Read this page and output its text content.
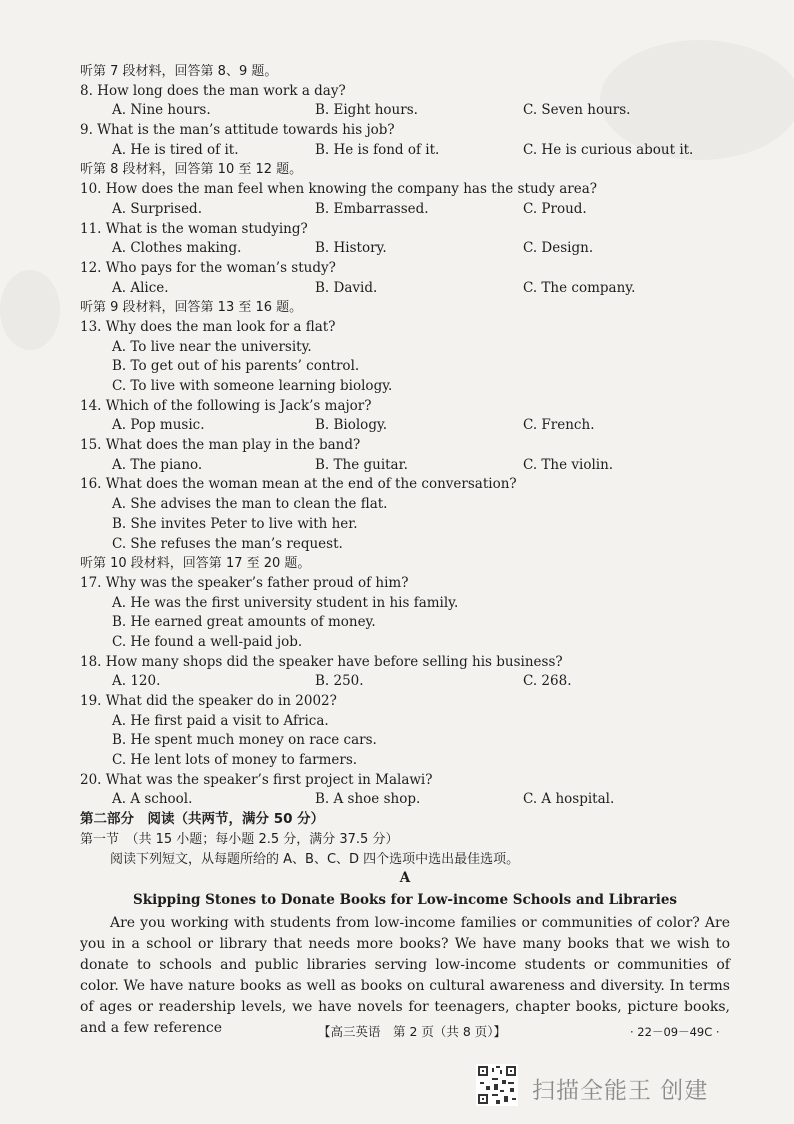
听第 7 段材料，回答第 8、9 题。
8. How long does the man work a day?
A. Nine hours.	B. Eight hours.	C. Seven hours.
9. What is the man’s attitude towards his job?
A. He is tired of it.	B. He is fond of it.	C. He is curious about it.
听第 8 段材料，回答第 10 至 12 题。
10. How does the man feel when knowing the company has the study area?
A. Surprised.	B. Embarrassed.	C. Proud.
11. What is the woman studying?
A. Clothes making.	B. History.	C. Design.
12. Who pays for the woman’s study?
A. Alice.	B. David.	C. The company.
听第 9 段材料，回答第 13 至 16 题。
13. Why does the man look for a flat?
A. To live near the university.
B. To get out of his parents’ control.
C. To live with someone learning biology.
14. Which of the following is Jack’s major?
A. Pop music.	B. Biology.	C. French.
15. What does the man play in the band?
A. The piano.	B. The guitar.	C. The violin.
16. What does the woman mean at the end of the conversation?
A. She advises the man to clean the flat.
B. She invites Peter to live with her.
C. She refuses the man’s request.
听第 10 段材料，回答第 17 至 20 题。
17. Why was the speaker’s father proud of him?
A. He was the first university student in his family.
B. He earned great amounts of money.
C. He found a well-paid job.
18. How many shops did the speaker have before selling his business?
A. 120.	B. 250.	C. 268.
19. What did the speaker do in 2002?
A. He first paid a visit to Africa.
B. He spent much money on race cars.
C. He lent lots of money to farmers.
20. What was the speaker’s first project in Malawi?
A. A school.	B. A shoe shop.	C. A hospital.
第二部分　阅读（共两节，满分 50 分）
第一节　（共 15 小题；每小题 2.5 分，满分 37.5 分）
阅读下列短文，从每题所给的 A、B、C、D 四个选项中选出最佳选项。
A
Skipping Stones to Donate Books for Low-income Schools and Libraries
Are you working with students from low-income families or communities of color? Are you in a school or library that needs more books? We have many books that we wish to donate to schools and public libraries serving low-income students or communities of color. We have nature books as well as books on cultural awareness and diversity. In terms of ages or readership levels, we have novels for teenagers, chapter books, picture books, and a few reference	【高三英语　第 2 页（共 8 页）】	· 22－09－49C ·
扫描全能王 创建
